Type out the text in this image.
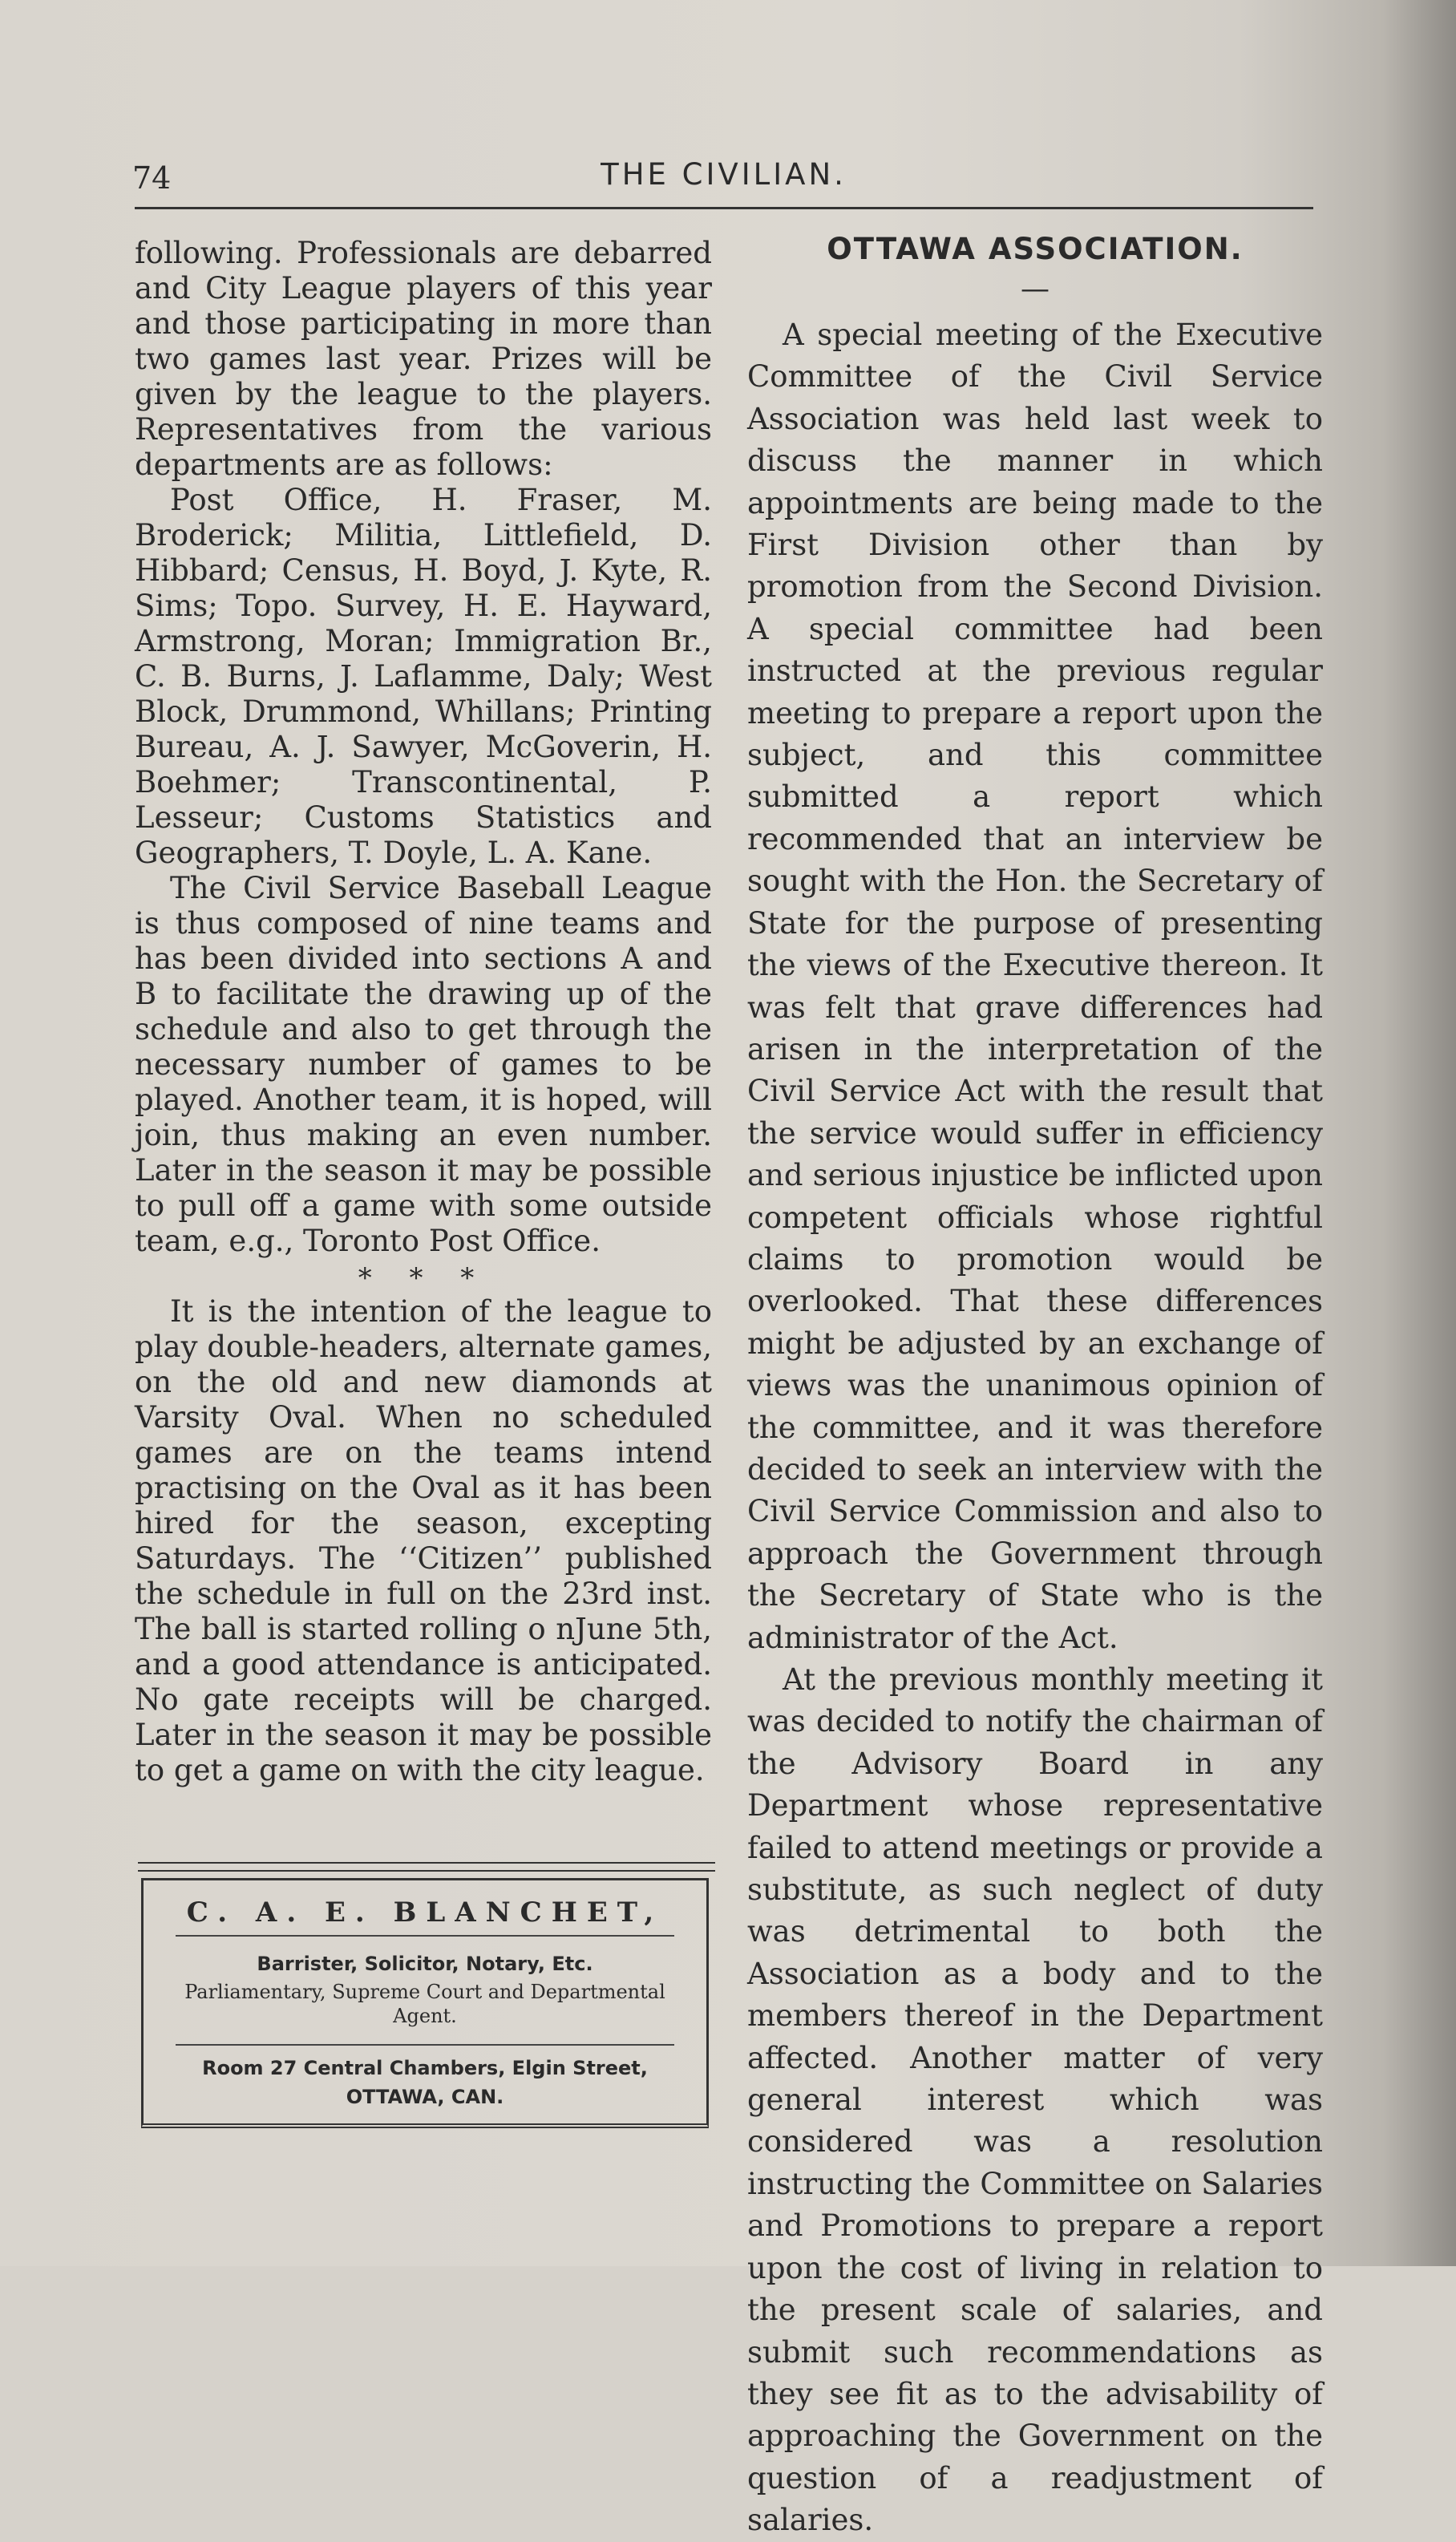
74	THE CIVILIAN.

following. Professionals are debarred and City League players of this year and those participating in more than two games last year. Prizes will be given by the league to the players. Representatives from the various departments are as follows:

Post Office, H. Fraser, M. Broderick; Militia, Littlefield, D. Hibbard; Census, H. Boyd, J. Kyte, R. Sims; Topo. Survey, H. E. Hayward, Armstrong, Moran; Immigration Br., C. B. Burns, J. Laflamme, Daly; West Block, Drummond, Whillans; Printing Bureau, A. J. Sawyer, McGoverin, H. Boehmer; Transcontinental, P. Lesseur; Customs Statistics and Geographers, T. Doyle, L. A. Kane.

The Civil Service Baseball League is thus composed of nine teams and has been divided into sections A and B to facilitate the drawing up of the schedule and also to get through the necessary number of games to be played. Another team, it is hoped, will join, thus making an even number. Later in the season it may be possible to pull off a game with some outside team, e.g., Toronto Post Office.

* * *

It is the intention of the league to play double-headers, alternate games, on the old and new diamonds at Varsity Oval. When no scheduled games are on the teams intend practising on the Oval as it has been hired for the season, excepting Saturdays. The ‘‘Citizen’’ published the schedule in full on the 23rd inst. The ball is started rolling o nJune 5th, and a good attendance is anticipated. No gate receipts will be charged. Later in the season it may be possible to get a game on with the city league.

C. A. E. BLANCHET,
Barrister, Solicitor, Notary, Etc.
Parliamentary, Supreme Court and Departmental Agent.
Room 27 Central Chambers, Elgin Street,
OTTAWA, CAN.
OTTAWA ASSOCIATION.
—

A special meeting of the Executive Committee of the Civil Service Association was held last week to discuss the manner in which appointments are being made to the First Division other than by promotion from the Second Division. A special committee had been instructed at the previous regular meeting to prepare a report upon the subject, and this committee submitted a report which recommended that an interview be sought with the Hon. the Secretary of State for the purpose of presenting the views of the Executive thereon. It was felt that grave differences had arisen in the interpretation of the Civil Service Act with the result that the service would suffer in efficiency and serious injustice be inflicted upon competent officials whose rightful claims to promotion would be overlooked. That these differences might be adjusted by an exchange of views was the unanimous opinion of the committee, and it was therefore decided to seek an interview with the Civil Service Commission and also to approach the Government through the Secretary of State who is the administrator of the Act.

At the previous monthly meeting it was decided to notify the chairman of the Advisory Board in any Department whose representative failed to attend meetings or provide a substitute, as such neglect of duty was detrimental to both the Association as a body and to the members thereof in the Department affected. Another matter of very general interest which was considered was a resolution instructing the Committee on Salaries and Promotions to prepare a report upon the cost of living in relation to the present scale of salaries, and submit such recommendations as they see fit as to the advisability of approaching the Government on the question of a readjustment of salaries.
